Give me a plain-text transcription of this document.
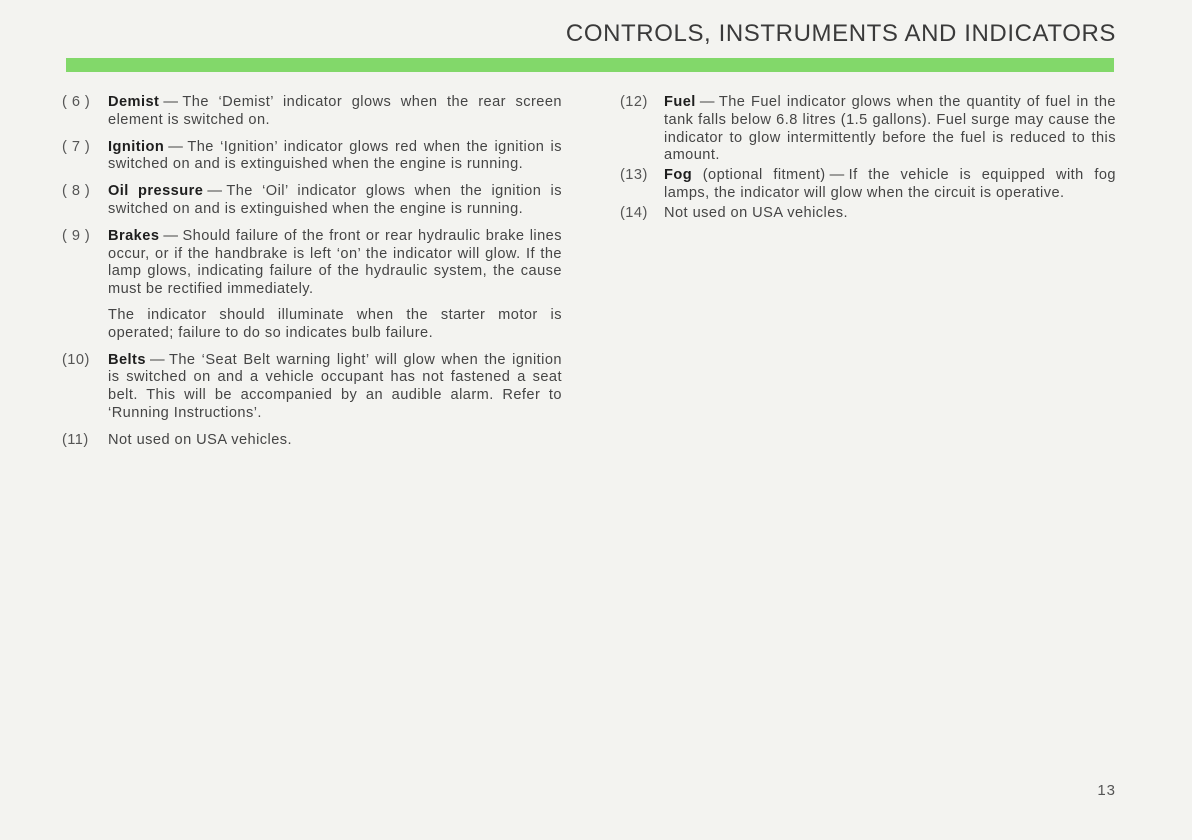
CONTROLS, INSTRUMENTS AND INDICATORS
( 6 ) Demist — The ‘Demist’ indicator glows when the rear screen element is switched on.

( 7 ) Ignition — The ‘Ignition’ indicator glows red when the ignition is switched on and is extinguished when the engine is running.

( 8 ) Oil pressure — The ‘Oil’ indicator glows when the ignition is switched on and is extinguished when the engine is running.

( 9 ) Brakes — Should failure of the front or rear hydraulic brake lines occur, or if the handbrake is left ‘on’ the indicator will glow. If the lamp glows, indicating failure of the hydraulic system, the cause must be rectified immediately.

The indicator should illuminate when the starter motor is operated; failure to do so indicates bulb failure.

(10) Belts — The ‘Seat Belt warning light’ will glow when the ignition is switched on and a vehicle occupant has not fastened a seat belt. This will be accompanied by an audible alarm. Refer to ‘Running Instructions’.

(11) Not used on USA vehicles.

(12) Fuel — The Fuel indicator glows when the quantity of fuel in the tank falls below 6.8 litres (1.5 gallons). Fuel surge may cause the indicator to glow intermittently before the fuel is reduced to this amount.

(13) Fog (optional fitment) — If the vehicle is equipped with fog lamps, the indicator will glow when the circuit is operative.

(14) Not used on USA vehicles.

13
